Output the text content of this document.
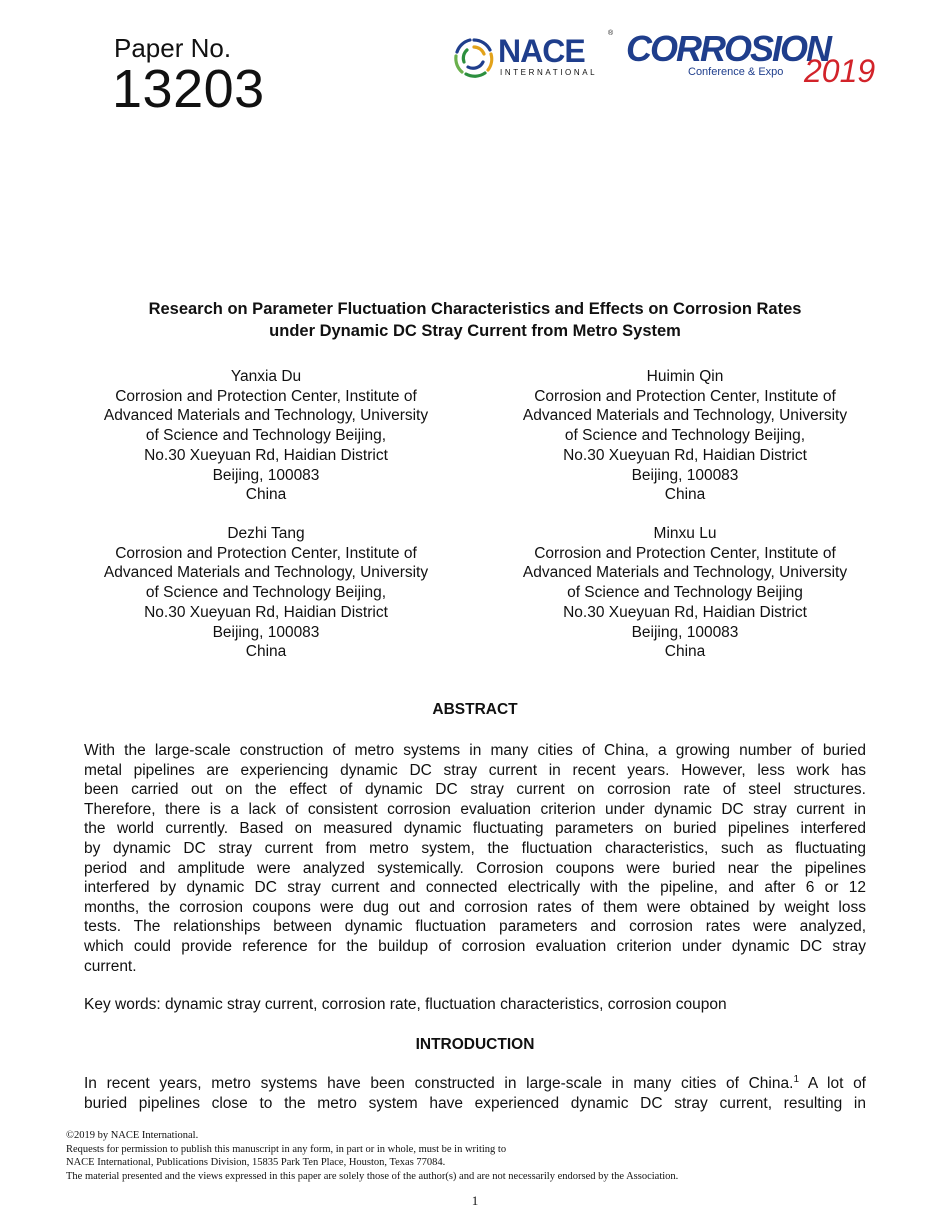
Paper No.
13203
NACE	®
INTERNATIONAL
CORROSION
Conference & Expo 2019
Research on Parameter Fluctuation Characteristics and Effects on Corrosion Rates
under Dynamic DC Stray Current from Metro System
Yanxia Du
Corrosion and Protection Center, Institute of
Advanced Materials and Technology, University
of Science and Technology Beijing,
No.30 Xueyuan Rd, Haidian District
Beijing, 100083
China
Huimin Qin
Corrosion and Protection Center, Institute of
Advanced Materials and Technology, University
of Science and Technology Beijing,
No.30 Xueyuan Rd, Haidian District
Beijing, 100083
China
Dezhi Tang
Corrosion and Protection Center, Institute of
Advanced Materials and Technology, University
of Science and Technology Beijing,
No.30 Xueyuan Rd, Haidian District
Beijing, 100083
China
Minxu Lu
Corrosion and Protection Center, Institute of
Advanced Materials and Technology, University
of Science and Technology Beijing
No.30 Xueyuan Rd, Haidian District
Beijing, 100083
China
ABSTRACT
With the large-scale construction of metro systems in many cities of China, a growing number of buried
metal pipelines are experiencing dynamic DC stray current in recent years. However, less work has
been carried out on the effect of dynamic DC stray current on corrosion rate of steel structures.
Therefore, there is a lack of consistent corrosion evaluation criterion under dynamic DC stray current in
the world currently. Based on measured dynamic fluctuating parameters on buried pipelines interfered
by dynamic DC stray current from metro system, the fluctuation characteristics, such as fluctuating
period and amplitude were analyzed systemically. Corrosion coupons were buried near the pipelines
interfered by dynamic DC stray current and connected electrically with the pipeline, and after 6 or 12
months, the corrosion coupons were dug out and corrosion rates of them were obtained by weight loss
tests. The relationships between dynamic fluctuation parameters and corrosion rates were analyzed,
which could provide reference for the buildup of corrosion evaluation criterion under dynamic DC stray
current.
Key words: dynamic stray current, corrosion rate, fluctuation characteristics, corrosion coupon
INTRODUCTION
In recent years, metro systems have been constructed in large-scale in many cities of China.$^1$ A lot of
buried pipelines close to the metro system have experienced dynamic DC stray current, resulting in
©2019 by NACE International.
Requests for permission to publish this manuscript in any form, in part or in whole, must be in writing to
NACE International, Publications Division, 15835 Park Ten Place, Houston, Texas 77084.
The material presented and the views expressed in this paper are solely those of the author(s) and are not necessarily endorsed by the Association.
1
